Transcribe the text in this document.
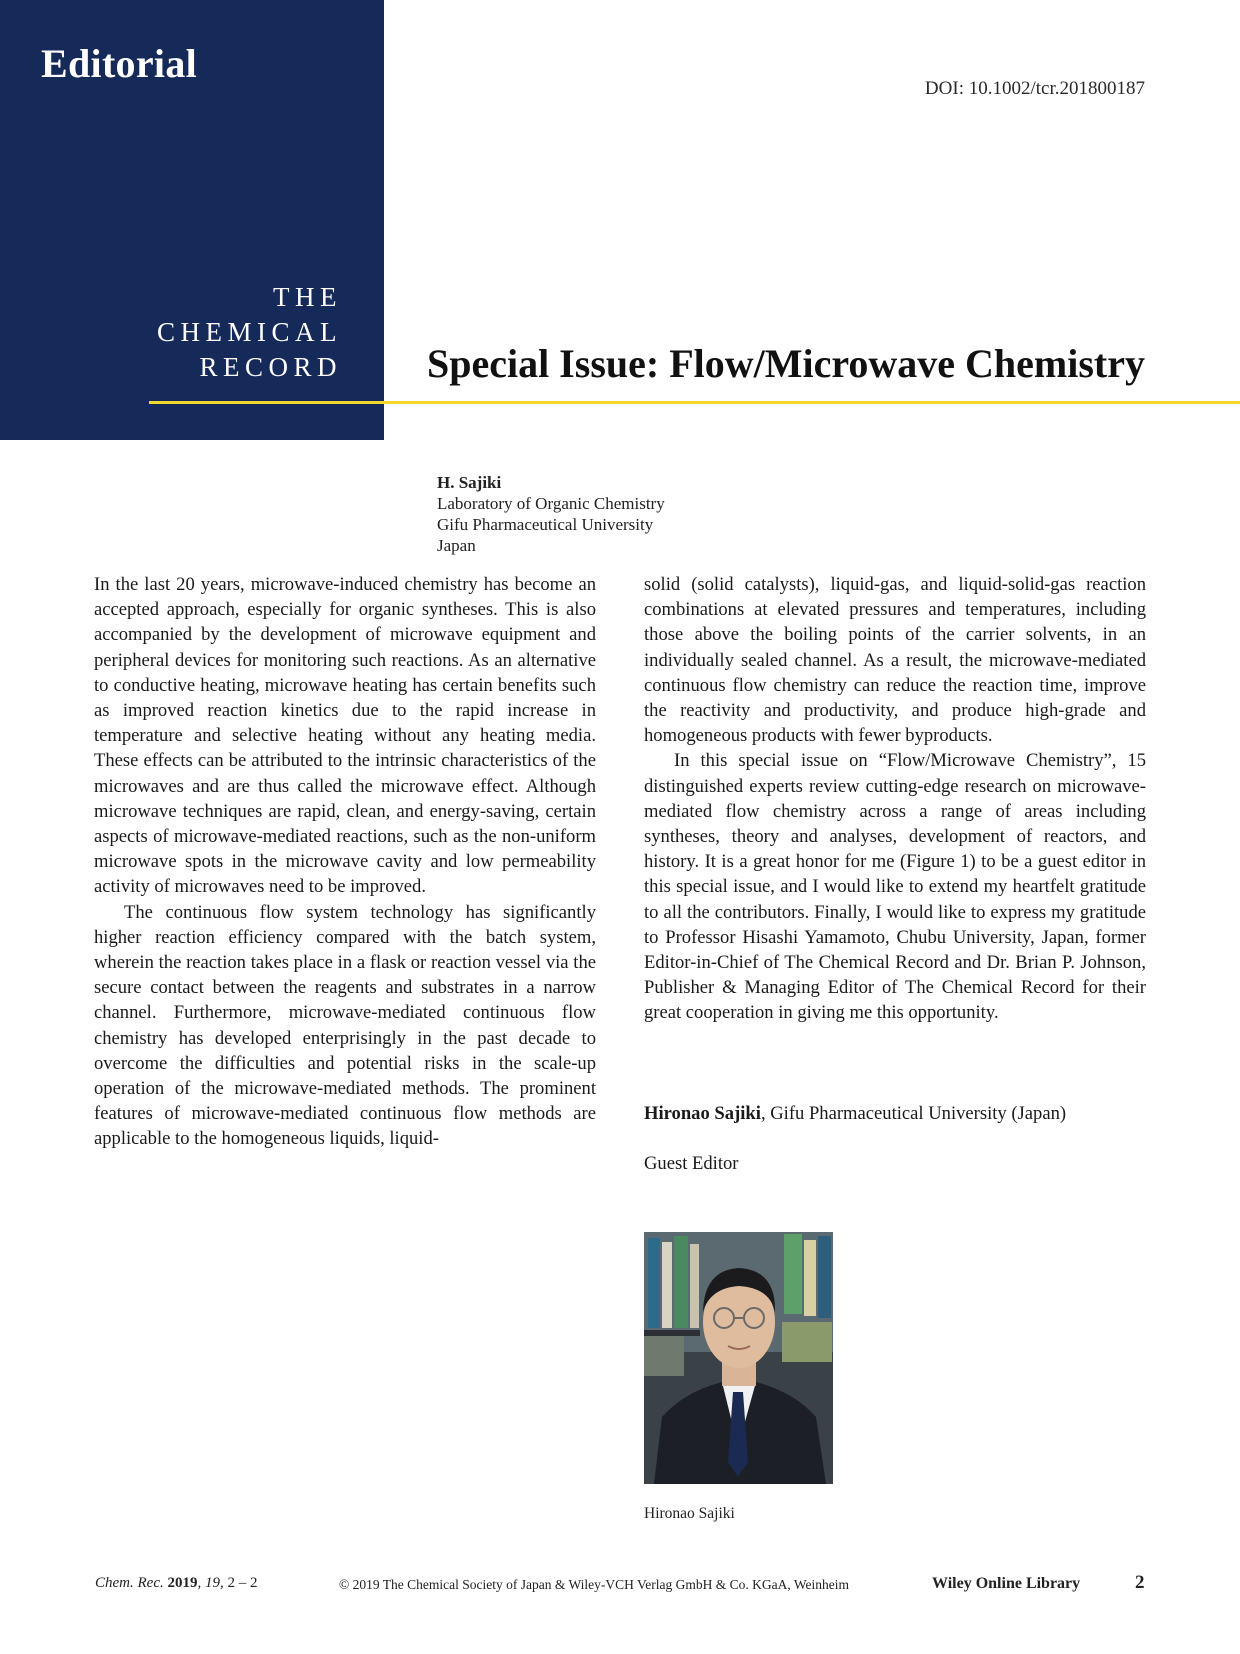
Editorial
THE
CHEMICAL
RECORD
DOI: 10.1002/tcr.201800187
Special Issue: Flow/Microwave Chemistry
H. Sajiki
Laboratory of Organic Chemistry
Gifu Pharmaceutical University
Japan

In the last 20 years, microwave-induced chemistry has become an accepted approach, especially for organic syntheses. This is also accompanied by the development of microwave equipment and peripheral devices for monitoring such reactions. As an alternative to conductive heating, microwave heating has certain benefits such as improved reaction kinetics due to the rapid increase in temperature and selective heating without any heating media. These effects can be attributed to the intrinsic characteristics of the microwaves and are thus called the microwave effect. Although microwave techniques are rapid, clean, and energy-saving, certain aspects of microwave-mediated reactions, such as the non-uniform microwave spots in the microwave cavity and low permeability activity of microwaves need to be improved.

The continuous flow system technology has significantly higher reaction efficiency compared with the batch system, wherein the reaction takes place in a flask or reaction vessel via the secure contact between the reagents and substrates in a narrow channel. Furthermore, microwave-mediated continuous flow chemistry has developed enterprisingly in the past decade to overcome the difficulties and potential risks in the scale-up operation of the microwave-mediated methods. The prominent features of microwave-mediated continuous flow methods are applicable to the homogeneous liquids, liquid-

solid (solid catalysts), liquid-gas, and liquid-solid-gas reaction combinations at elevated pressures and temperatures, including those above the boiling points of the carrier solvents, in an individually sealed channel. As a result, the microwave-mediated continuous flow chemistry can reduce the reaction time, improve the reactivity and productivity, and produce high-grade and homogeneous products with fewer byproducts.

In this special issue on “Flow/Microwave Chemistry”, 15 distinguished experts review cutting-edge research on microwave-mediated flow chemistry across a range of areas including syntheses, theory and analyses, development of reactors, and history. It is a great honor for me (Figure 1) to be a guest editor in this special issue, and I would like to extend my heartfelt gratitude to all the contributors. Finally, I would like to express my gratitude to Professor Hisashi Yamamoto, Chubu University, Japan, former Editor-in-Chief of The Chemical Record and Dr. Brian P. Johnson, Publisher & Managing Editor of The Chemical Record for their great cooperation in giving me this opportunity.

Hironao Sajiki, Gifu Pharmaceutical University (Japan)
Guest Editor
Hironao Sajiki
Chem. Rec. 2019, 19, 2 – 2	© 2019 The Chemical Society of Japan & Wiley-VCH Verlag GmbH & Co. KGaA, Weinheim	Wiley Online Library	2
